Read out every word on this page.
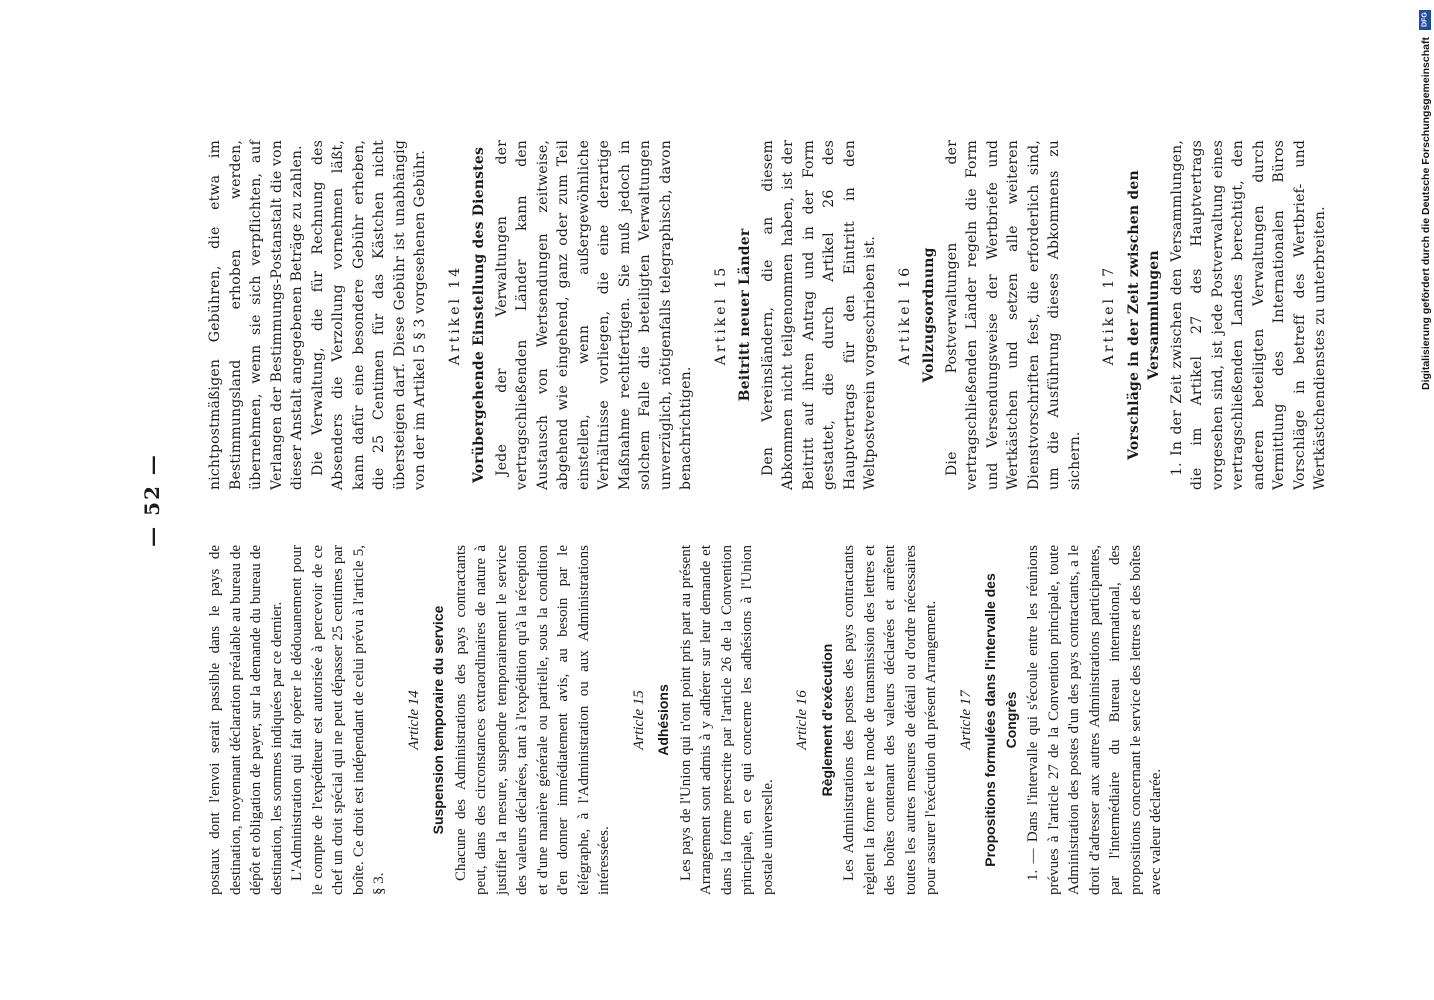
— 52 —

postaux dont l'envoi serait passible dans le pays de destination, moyennant déclaration préalable au bureau de dépôt et obligation de payer, sur la demande du bureau de destination, les sommes indiquées par ce dernier. L'Administration qui fait opérer le dédouanement pour le compte de l'expéditeur est autorisée à percevoir de ce chef un droit spécial qui ne peut dépasser 25 centimes par boîte. Ce droit est indépendant de celui prévu à l'article 5, § 3.

Article 14 Suspension temporaire du service Chacune des Administrations des pays contractants peut, dans des circonstances extraordinaires de nature à justifier la mesure, suspendre temporairement le service des valeurs déclarées, tant à l'expédition qu'à la réception et d'une manière générale ou partielle, sous la condition d'en donner immédiatement avis, au besoin par le télégraphe, à l'Administration ou aux Administrations intéressées.

Article 15 Adhésions Les pays de l'Union qui n'ont point pris part au présent Arrangement sont admis à y adhérer sur leur demande et dans la forme prescrite par l'article 26 de la Convention principale, en ce qui concerne les adhésions à l'Union postale universelle.

Article 16 Règlement d'exécution Les Administrations des postes des pays contractants règlent la forme et le mode de transmission des lettres et des boîtes contenant des valeurs déclarées et arrêtent toutes les autres mesures de détail ou d'ordre nécessaires pour assurer l'exécution du présent Arrangement. Article 17 Propositions formulées dans l'intervalle des Congrès 1. — Dans l'intervalle qui s'écoule entre les réunions prévues à l'article 27 de la Convention principale, toute Administration des postes d'un des pays contractants, a le droit d'adresser aux autres Administrations participantes, par l'intermédiaire du Bureau international, des propositions concernant le service des lettres et des boîtes avec valeur déclarée.

nichtpostmäßigen Gebühren, die etwa im Bestimmungsland erhoben werden, übernehmen, wenn sie sich verpflichten, auf Verlangen der Bestimmungs-Postanstalt die von dieser Anstalt angegebenen Beträge zu zahlen. Die Verwaltung, die für Rechnung des Absenders die Verzollung vornehmen läßt, kann dafür eine besondere Gebühr erheben, die 25 Centimen für das Kästchen nicht übersteigen darf. Diese Gebühr ist unabhängig von der im Artikel 5 § 3 vorgesehenen Gebühr. Artikel 14 Vorübergehende Einstellung des Dienstes Jede der Verwaltungen der vertragschließenden Länder kann den Austausch von Wertsendungen zeitweise, abgehend wie eingehend, ganz oder zum Teil einstellen, wenn außergewöhnliche Verhältnisse vorliegen, die eine derartige Maßnahme rechtfertigen. Sie muß jedoch in solchem Falle die beteiligten Verwaltungen unverzüglich, nötigenfalls telegraphisch, davon benachrichtigen.

Artikel 15 Beitritt neuer Länder Den Vereinsländern, die an diesem Abkommen nicht teilgenommen haben, ist der Beitritt auf ihren Antrag und in der Form gestattet, die durch Artikel 26 des Hauptvertrags für den Eintritt in den Weltpostverein vorgeschrieben ist. Artikel 16 Vollzugsordnung Die Postverwaltungen der vertragschließenden Länder regeln die Form und Versendungsweise der Wertbriefe und Wertkästchen und setzen alle weiteren Dienstvorschriften fest, die erforderlich sind, um die Ausführung dieses Abkommens zu sichern.

Artikel 17 Vorschläge in der Zeit zwischen den Versammlungen 1. In der Zeit zwischen den Versammlungen, die im Artikel 27 des Hauptvertrags vorgesehen sind, ist jede Postverwaltung eines vertragschließenden Landes berechtigt, den anderen beteiligten Verwaltungen durch Vermittlung des Internationalen Büros Vorschläge in betreff des Wertbrief- und Wertkästchendienstes zu unterbreiten.

DFG
Digitalisierung gefördert durch die Deutsche Forschungsgemeinschaft
